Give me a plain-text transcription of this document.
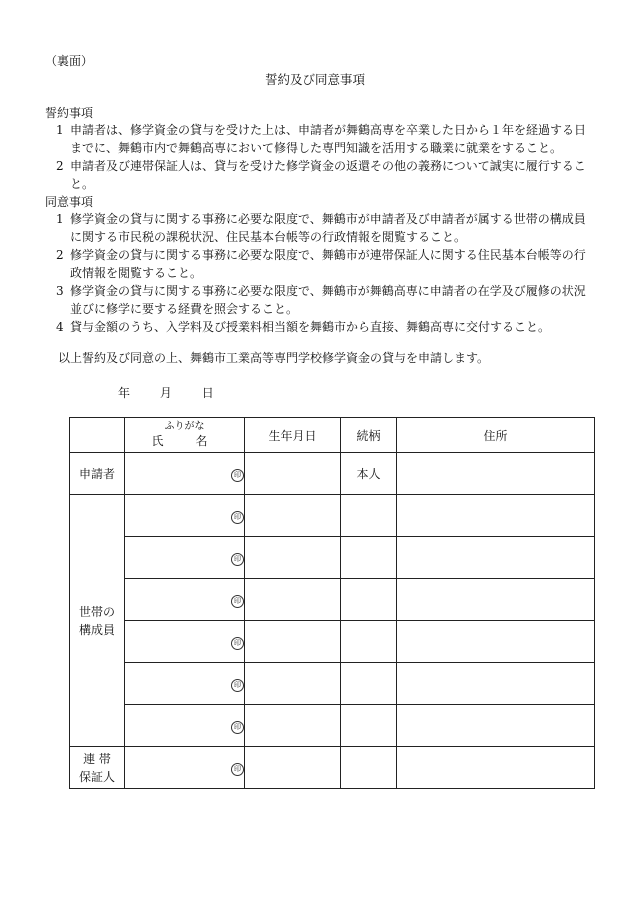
（裏面）
誓約及び同意事項
誓約事項
1 申請者は、修学資金の貸与を受けた上は、申請者が舞鶴高専を卒業した日から１年を経過する日までに、舞鶴市内で舞鶴高専において修得した専門知識を活用する職業に就業をすること。
2 申請者及び連帯保証人は、貸与を受けた修学資金の返還その他の義務について誠実に履行すること。
同意事項
1 修学資金の貸与に関する事務に必要な限度で、舞鶴市が申請者及び申請者が属する世帯の構成員に関する市民税の課税状況、住民基本台帳等の行政情報を閲覧すること。
2 修学資金の貸与に関する事務に必要な限度で、舞鶴市が連帯保証人に関する住民基本台帳等の行政情報を閲覧すること。
3 修学資金の貸与に関する事務に必要な限度で、舞鶴市が舞鶴高専に申請者の在学及び履修の状況並びに修学に要する経費を照会すること。
4 貸与金額のうち、入学料及び授業料相当額を舞鶴市から直接、舞鶴高専に交付すること。
以上誓約及び同意の上、舞鶴市工業高等専門学校修学資金の貸与を申請します。
年 月 日

	ふりがな
氏　名	生年月日	続柄	住所
申請者	印		本人	
世帯の
構成員	印			
	印			
	印			
	印			
	印			
	印			
連 帯
保証人	印			
